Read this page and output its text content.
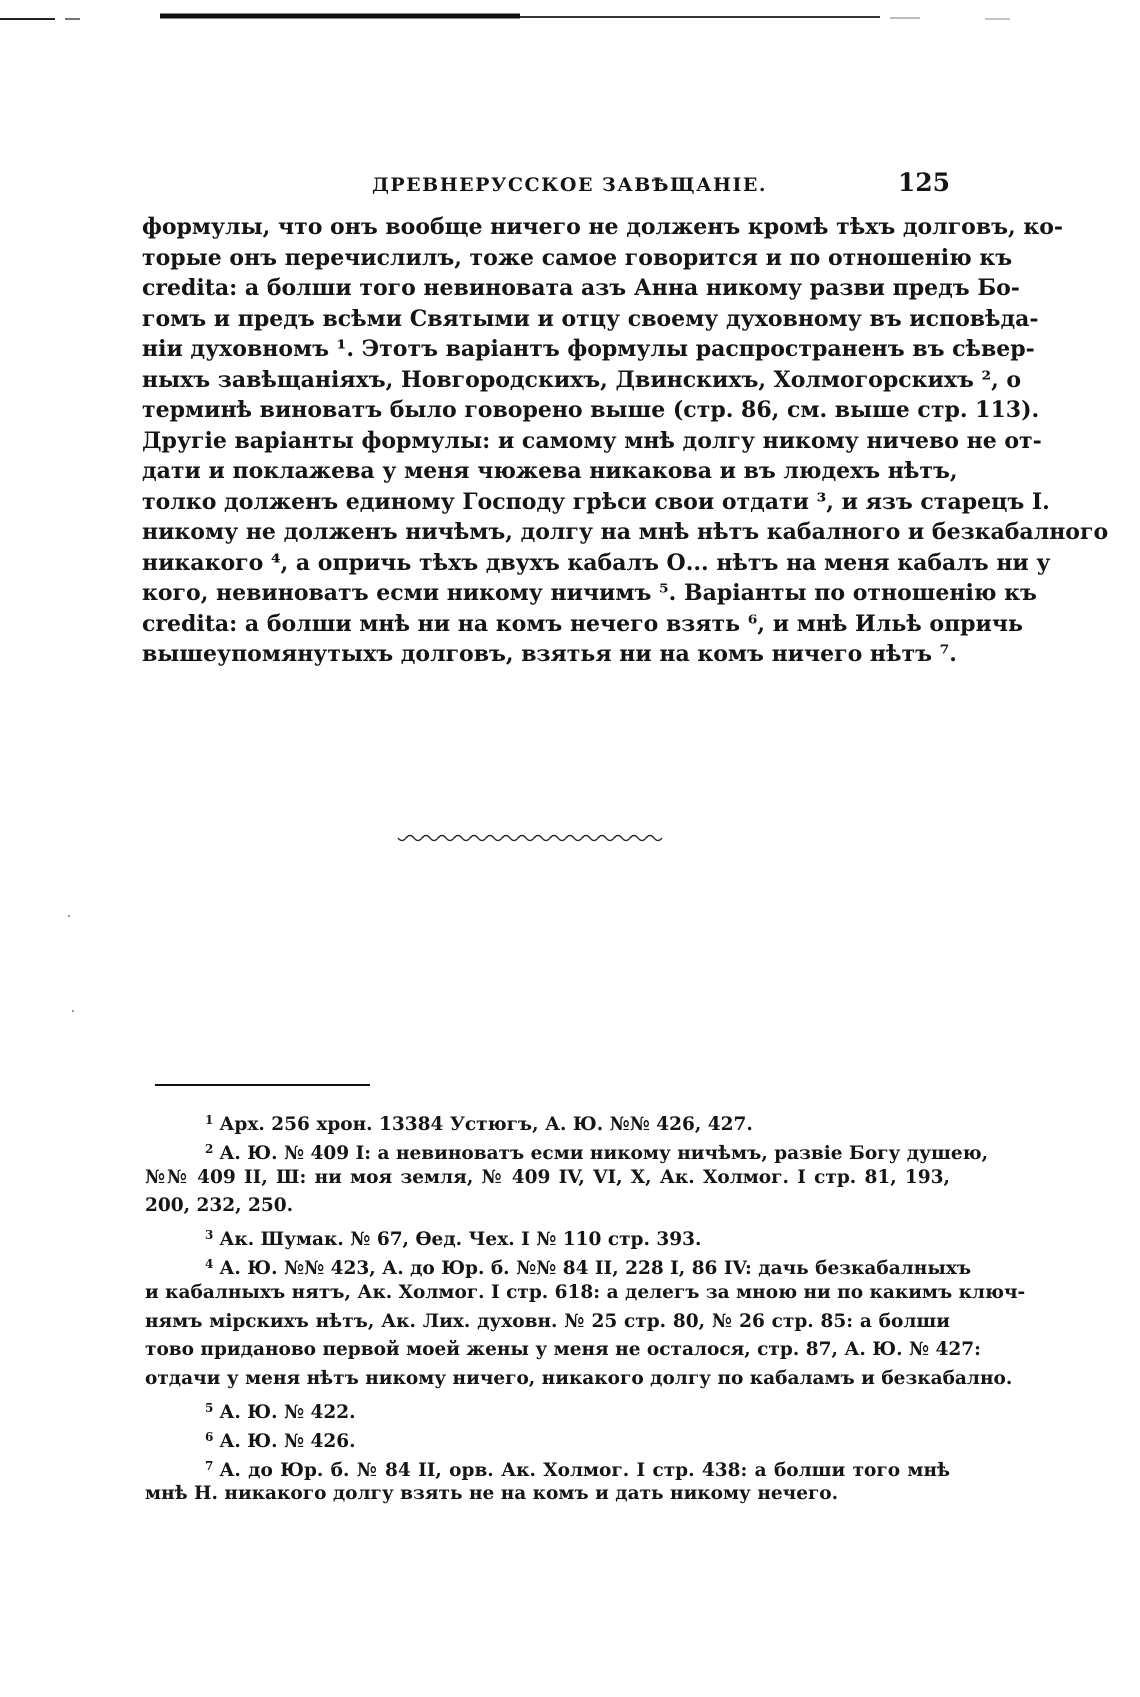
ДРЕВНЕРУССКОЕ ЗАВѢЩАНІЕ.	125
формулы, что онъ вообще ничего не долженъ кромѣ тѣхъ долговъ, ко-
торые онъ перечислилъ, тоже самое говорится и по отношенію къ
credita: а болши того невиновата азъ Анна никому разви предъ Бо-
гомъ и предъ всѣми Святыми и отцу своему духовному въ исповѣда-
ніи духовномъ ¹. Этотъ варіантъ формулы распространенъ въ сѣвер-
ныхъ завѣщаніяхъ, Новгородскихъ, Двинскихъ, Холмогорскихъ ², о
терминѣ виноватъ было говорено выше (стр. 86, см. выше стр. 113).
Другіе варіанты формулы: и самому мнѣ долгу никому ничево не от-
дати и поклажева у меня чюжева никакова и въ людехъ нѣтъ,
толко долженъ единому Господу грѣси свои отдати ³, и язъ старецъ І.
никому не долженъ ничѣмъ, долгу на мнѣ нѣтъ кабалного и безкабалного
никакого ⁴, а опричь тѣхъ двухъ кабалъ О... нѣтъ на меня кабалъ ни у
кого, невиноватъ есми никому ничимъ ⁵. Варіанты по отношенію къ
credita: а болши мнѣ ни на комъ нечего взять ⁶, и мнѣ Ильѣ опричь
вышеупомянутыхъ долговъ, взятья ни на комъ ничего нѣтъ ⁷.
$^1$ Арх. 256 хрон. 13384 Устюгъ, А. Ю. №№ 426, 427.
$^2$ А. Ю. № 409 I: а невиноватъ есми никому ничѣмъ, развіе Богу душею,
№№ 409 II, Ш: ни моя земля, № 409 IV, VI, X, Ак. Холмог. I стр. 81, 193,
200, 232, 250.
$^3$ Ак. Шумак. № 67, Ѳед. Чех. I № 110 стр. 393.
$^4$ А. Ю. №№ 423, А. до Юр. б. №№ 84 II, 228 I, 86 IV: дачь безкабалныхъ
и кабалныхъ нятъ, Ак. Холмог. I стр. 618: а делегъ за мною ни по какимъ ключ-
нямъ мірскихъ нѣтъ, Ак. Лих. духовн. № 25 стр. 80, № 26 стр. 85: а болши
тово приданово первой моей жены у меня не осталося, стр. 87, А. Ю. № 427:
отдачи у меня нѣтъ никому ничего, никакого долгу по кабаламъ и безкабално.
$^5$ А. Ю. № 422.
$^6$ А. Ю. № 426.
$^7$ А. до Юр. б. № 84 II, орв. Ак. Холмог. I стр. 438: а болши того мнѣ
мнѣ Н. никакого долгу взять не на комъ и дать никому нечего.
